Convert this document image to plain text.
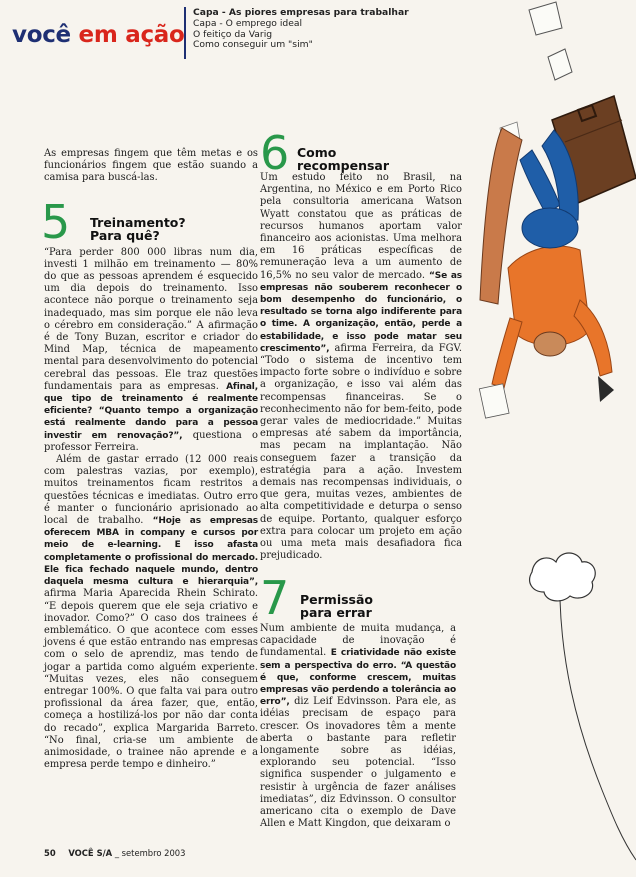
você em ação
Capa - As piores empresas para trabalhar
Capa - O emprego ideal
O feitiço da Varig
Como conseguir um "sim"

As empresas fingem que têm metas e os funcionários fingem que estão suando a camisa para buscá-las.

5 Treinamento?
Para quê?

“Para perder 800 000 libras num dia, investi 1 milhão em treinamento — 80% do que as pessoas aprendem é esquecido um dia depois do treinamento. Isso acontece não porque o treinamento seja inadequado, mas sim porque ele não leva o cérebro em consideração.” A afirmação é de Tony Buzan, escritor e criador do Mind Map, técnica de mapeamento mental para desenvolvimento do potencial cerebral das pessoas. Ele traz questões fundamentais para as empresas. Afinal, que tipo de treinamento é realmente eficiente? “Quanto tempo a organização está realmente dando para a pessoa investir em renovação?”, questiona o professor Ferreira.

Além de gastar errado (12 000 reais com palestras vazias, por exemplo), muitos treinamentos ficam restritos a questões técnicas e imediatas. Outro erro é manter o funcionário aprisionado ao local de trabalho. “Hoje as empresas oferecem MBA in company e cursos por meio de e-learning. E isso afasta completamente o profissional do mercado. Ele fica fechado naquele mundo, dentro daquela mesma cultura e hierarquia”, afirma Maria Aparecida Rhein Schirato. “E depois querem que ele seja criativo e inovador. Como?” O caso dos trainees é emblemático. O que acontece com esses jovens é que estão entrando nas empresas com o selo de aprendiz, mas tendo de jogar a partida como alguém experiente. “Muitas vezes, eles não conseguem entregar 100%. O que falta vai para outro profissional da área fazer, que, então, começa a hostilizá-los por não dar conta do recado”, explica Margarida Barreto. “No final, cria-se um ambiente de animosidade, o trainee não aprende e a empresa perde tempo e dinheiro.”

6 Como
recompensar

Um estudo feito no Brasil, na Argentina, no México e em Porto Rico pela consultoria americana Watson Wyatt constatou que as práticas de recursos humanos aportam valor financeiro aos acionistas. Uma melhora em 16 práticas específicas de remuneração leva a um aumento de 16,5% no seu valor de mercado. “Se as empresas não souberem reconhecer o bom desempenho do funcionário, o resultado se torna algo indiferente para o time. A organização, então, perde a estabilidade, e isso pode matar seu crescimento”, afirma Ferreira, da FGV. “Todo o sistema de incentivo tem impacto forte sobre o indivíduo e sobre a organização, e isso vai além das recompensas financeiras. Se o reconhecimento não for bem-feito, pode gerar vales de mediocridade.” Muitas empresas até sabem da importância, mas pecam na implantação. Não conseguem fazer a transição da estratégia para a ação. Investem demais nas recompensas individuais, o que gera, muitas vezes, ambientes de alta competitividade e deturpa o senso de equipe. Portanto, qualquer esforço extra para colocar um projeto em ação ou uma meta mais desafiadora fica prejudicado.

7 Permissão
para errar

Num ambiente de muita mudança, a capacidade de inovação é fundamental. E criatividade não existe sem a perspectiva do erro. “A questão é que, conforme crescem, muitas empresas vão perdendo a tolerância ao erro”, diz Leif Edvinsson. Para ele, as idéias precisam de espaço para crescer. Os inovadores têm a mente aberta o bastante para refletir longamente sobre as idéias, explorando seu potencial. “Isso significa suspender o julgamento e resistir à urgência de fazer análises imediatas”, diz Edvinsson. O consultor americano cita o exemplo de Dave Allen e Matt Kingdon, que deixaram o

50 VOCÊ S/A _ setembro 2003
